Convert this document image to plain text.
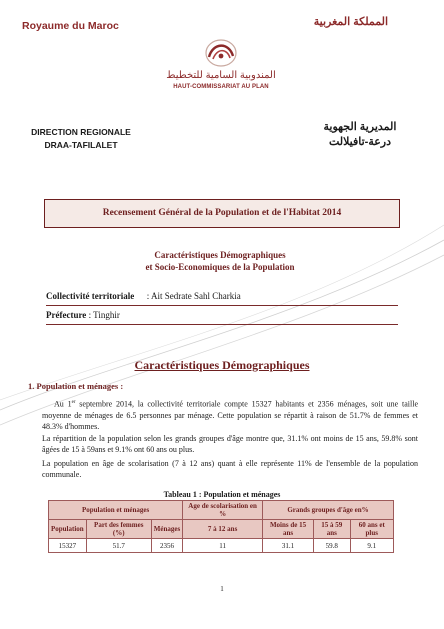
Royaume du Maroc	المملكة المغربية
المندوبية السامية للتخطيط
HAUT-COMMISSARIAT AU PLAN
DIRECTION REGIONALE
DRAA-TAFILALET
المديرية الجهوية
درعة-تافيلالت
Recensement Général de la Population et de l'Habitat 2014
Caractéristiques Démographiques
et Socio-Economiques de la Population
Collectivité territoriale : Ait Sedrate Sahl Charkia
Préfecture : Tinghir
Caractéristiques Démographiques
1. Population et ménages :
Au 1er septembre 2014, la collectivité territoriale compte 15327 habitants et 2356 ménages, soit une taille moyenne de ménages de 6.5 personnes par ménage. Cette population se répartit à raison de 51.7% de femmes et 48.3% d'hommes.
La répartition de la population selon les grands groupes d'âge montre que, 31.1% ont moins de 15 ans, 59.8% sont âgées de 15 à 59ans et 9.1% ont 60 ans ou plus.
La population en âge de scolarisation (7 à 12 ans) quant à elle représente 11% de l'ensemble de la population communale.
Tableau 1 : Population et ménages
Population et ménages			Age de scolarisation en %	Grands groupes d'âge en%		
Population	Part des femmes (%)	Ménages	7 à 12 ans	Moins de 15 ans	15 à 59 ans	60 ans et plus
15327	51.7	2356	11	31.1	59.8	9.1
1
